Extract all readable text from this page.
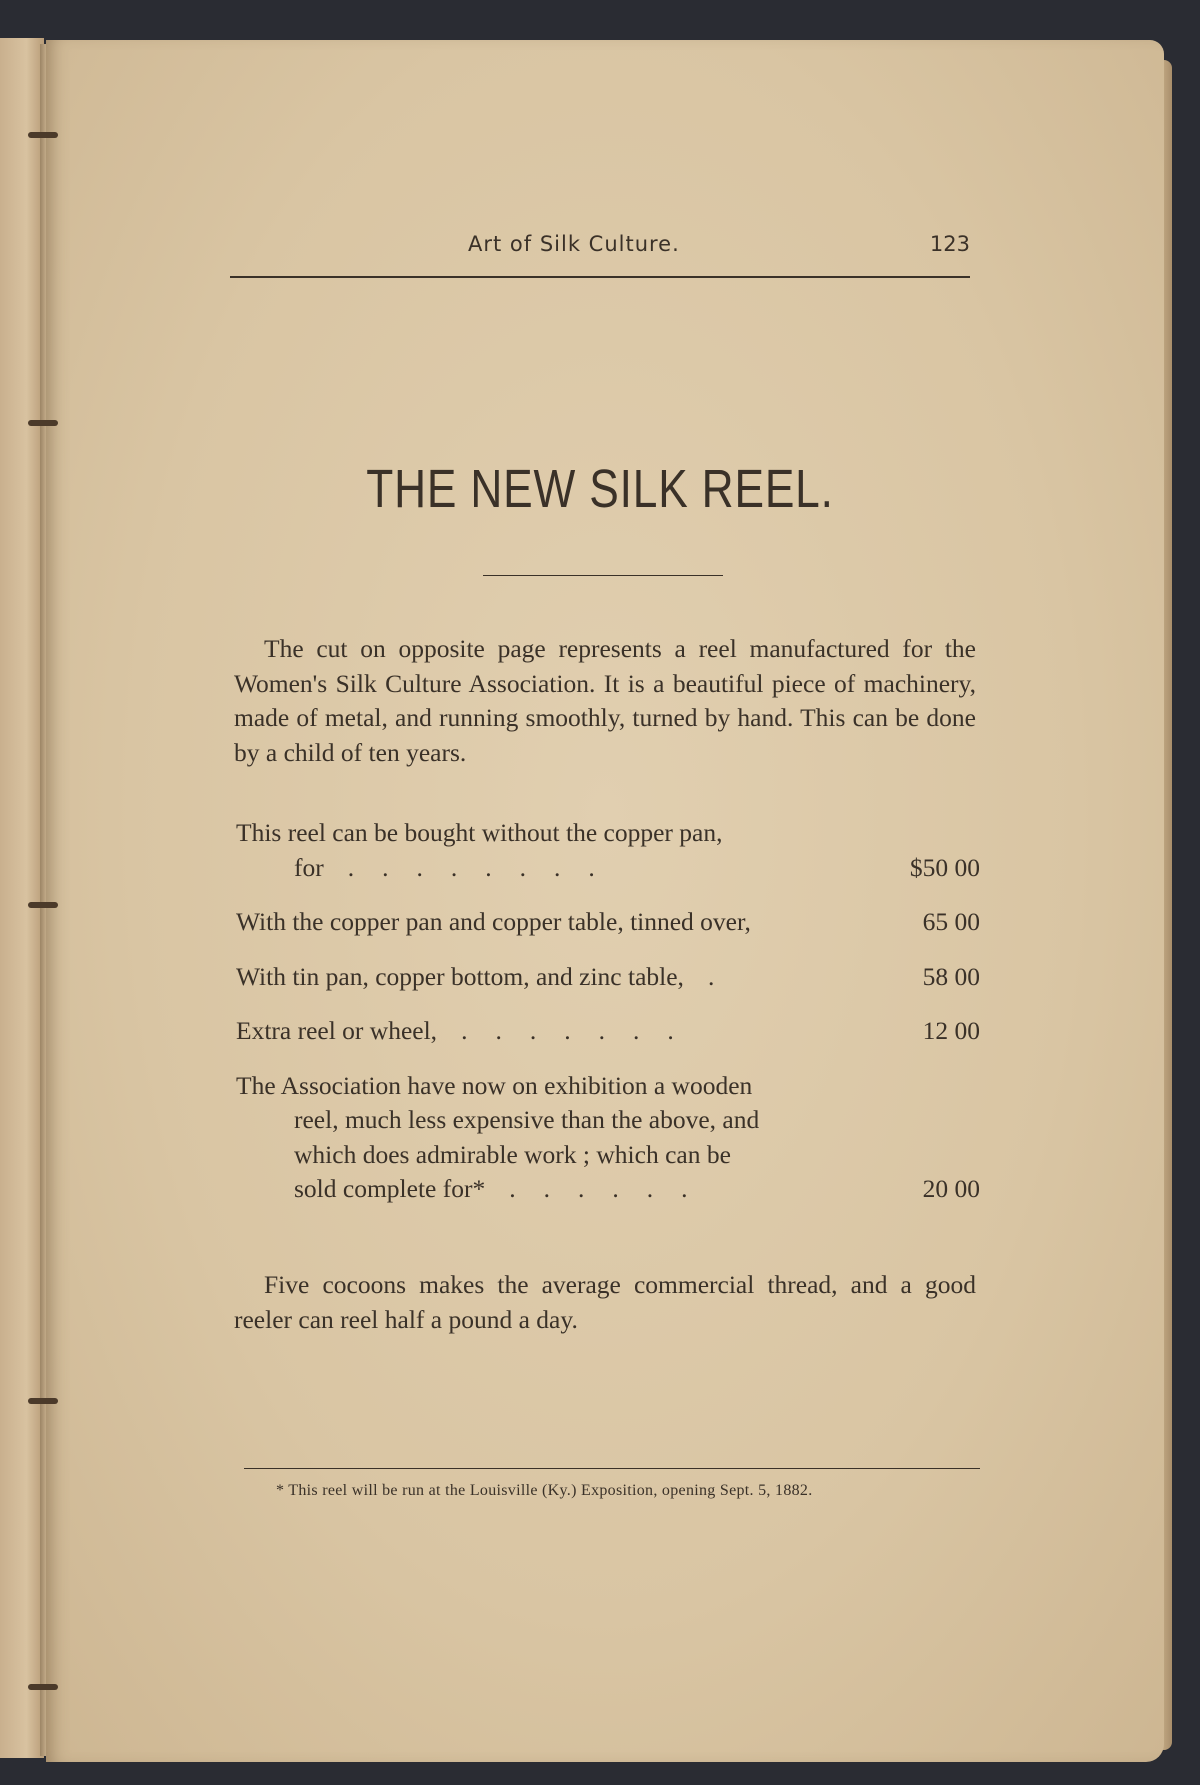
Art of Silk Culture.	123
THE NEW SILK REEL.
The cut on opposite page represents a reel manufactured for the Women's Silk Culture Association. It is a beautiful piece of machinery, made of metal, and running smoothly, turned by hand. This can be done by a child of ten years.
This reel can be bought without the copper pan,
for ........	$50 00
With the copper pan and copper table, tinned over,	65 00
With tin pan, copper bottom, and zinc table, .	58 00
Extra reel or wheel, .......	12 00
The Association have now on exhibition a wooden
reel, much less expensive than the above, and
which does admirable work ; which can be
sold complete for* ......	20 00
Five cocoons makes the average commercial thread, and a good reeler can reel half a pound a day.
* This reel will be run at the Louisville (Ky.) Exposition, opening Sept. 5, 1882.
